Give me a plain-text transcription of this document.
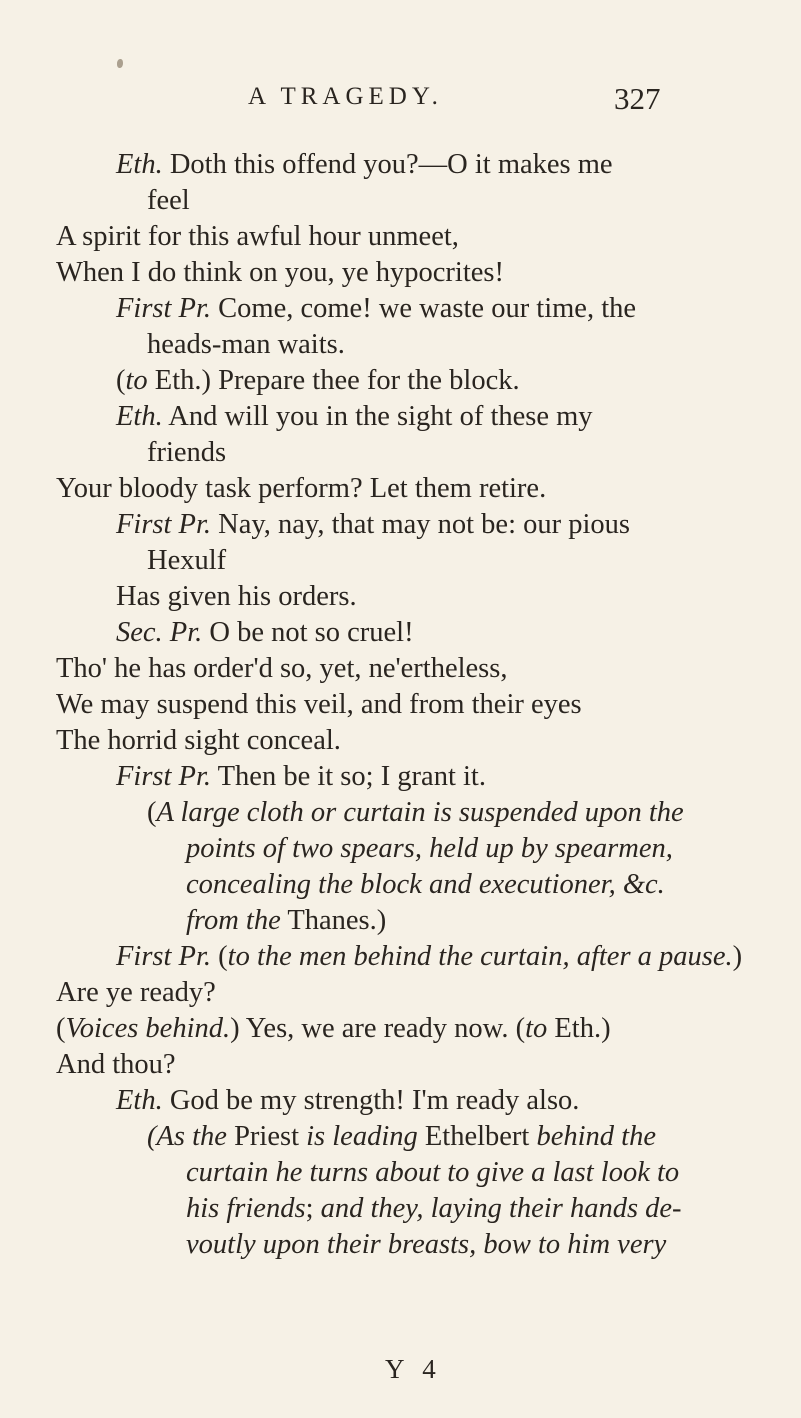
A TRAGEDY.	327
Eth. Doth this offend you?—O it makes me
feel
A spirit for this awful hour unmeet,
When I do think on you, ye hypocrites!
First Pr. Come, come! we waste our time, the
heads-man waits.
(to Eth.) Prepare thee for the block.
Eth. And will you in the sight of these my
friends
Your bloody task perform? Let them retire.
First Pr. Nay, nay, that may not be: our pious
Hexulf
Has given his orders.
Sec. Pr. O be not so cruel!
Tho' he has order'd so, yet, ne'ertheless,
We may suspend this veil, and from their eyes
The horrid sight conceal.
First Pr. Then be it so; I grant it.
(A large cloth or curtain is suspended upon the
points of two spears, held up by spearmen,
concealing the block and executioner, &c.
from the Thanes.)
First Pr. (to the men behind the curtain, after a pause.)
Are ye ready?
(Voices behind.) Yes, we are ready now. (to Eth.)
And thou?
Eth. God be my strength! I'm ready also.
(As the Priest is leading Ethelbert behind the
curtain he turns about to give a last look to
his friends; and they, laying their hands de-
voutly upon their breasts, bow to him very
Y 4
